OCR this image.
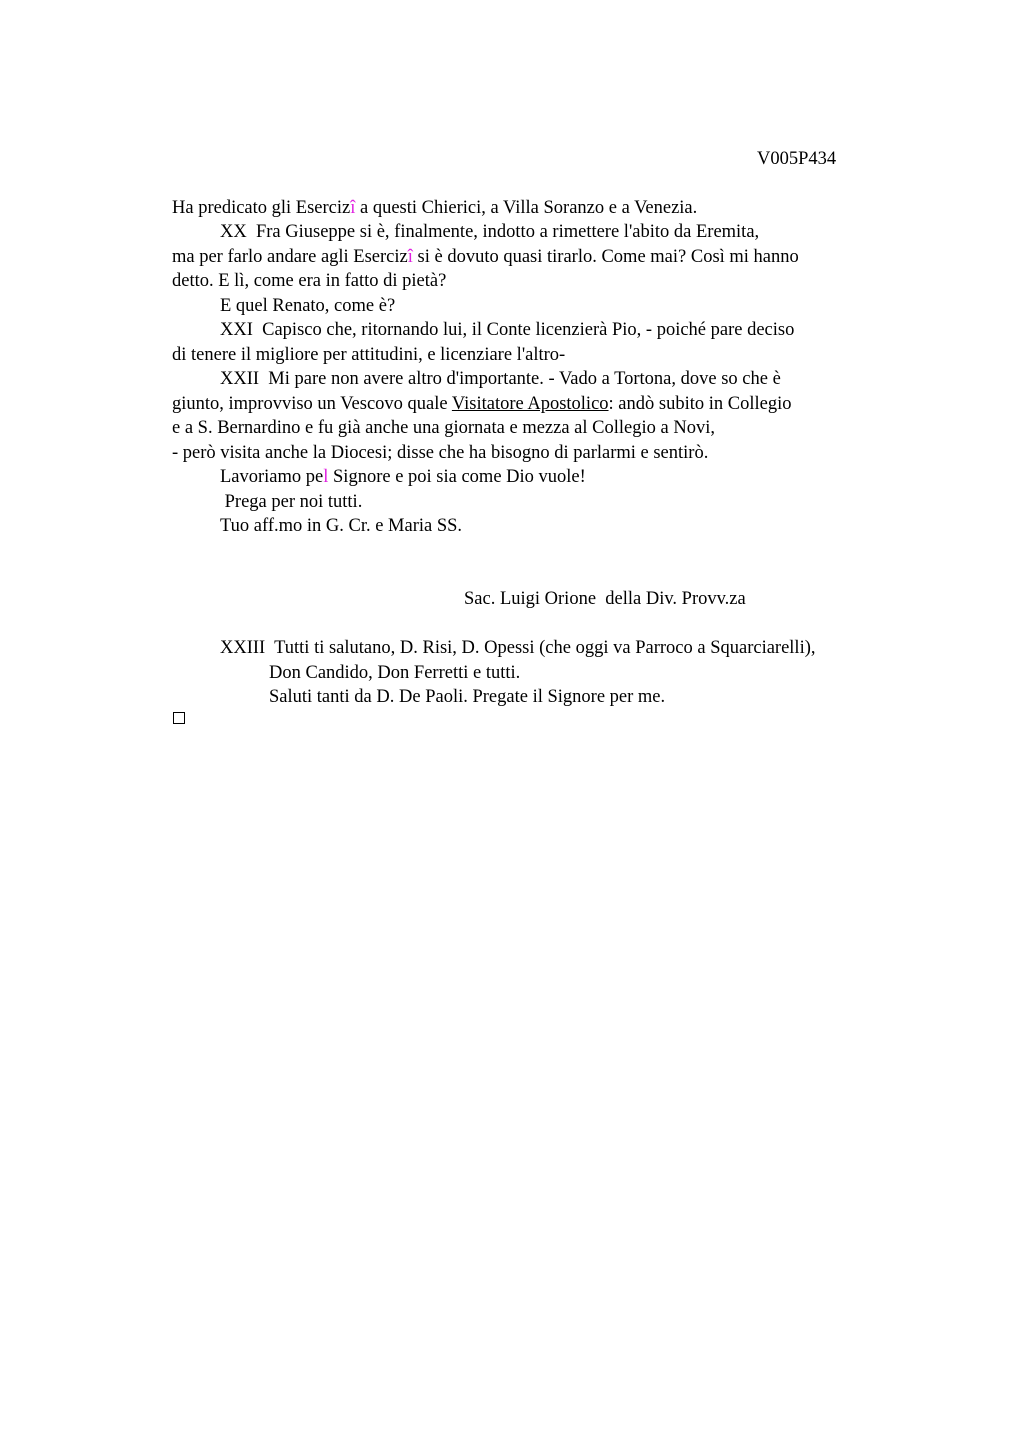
V005P434
Ha predicato gli Esercizî a questi Chierici, a Villa Soranzo e a Venezia.
XX  Fra Giuseppe si è, finalmente, indotto a rimettere l'abito da Eremita,
ma per farlo andare agli Esercizî si è dovuto quasi tirarlo. Come mai? Così mi hanno
detto. E lì, come era in fatto di pietà?
E quel Renato, come è?
XXI  Capisco che, ritornando lui, il Conte licenzierà Pio, - poiché pare deciso
di tenere il migliore per attitudini, e licenziare l'altro-
XXII  Mi pare non avere altro d'importante. - Vado a Tortona, dove so che è
giunto, improvviso un Vescovo quale Visitatore Apostolico: andò subito in Collegio
e a S. Bernardino e fu già anche una giornata e mezza al Collegio a Novi,
- però visita anche la Diocesi; disse che ha bisogno di parlarmi e sentirò.
Lavoriamo pel Signore e poi sia come Dio vuole!
Prega per noi tutti.
Tuo aff.mo in G. Cr. e Maria SS.
Sac. Luigi Orione  della Div. Provv.za
XXIII  Tutti ti salutano, D. Risi, D. Opessi (che oggi va Parroco a Squarciarelli),
Don Candido, Don Ferretti e tutti.
Saluti tanti da D. De Paoli. Pregate il Signore per me.
